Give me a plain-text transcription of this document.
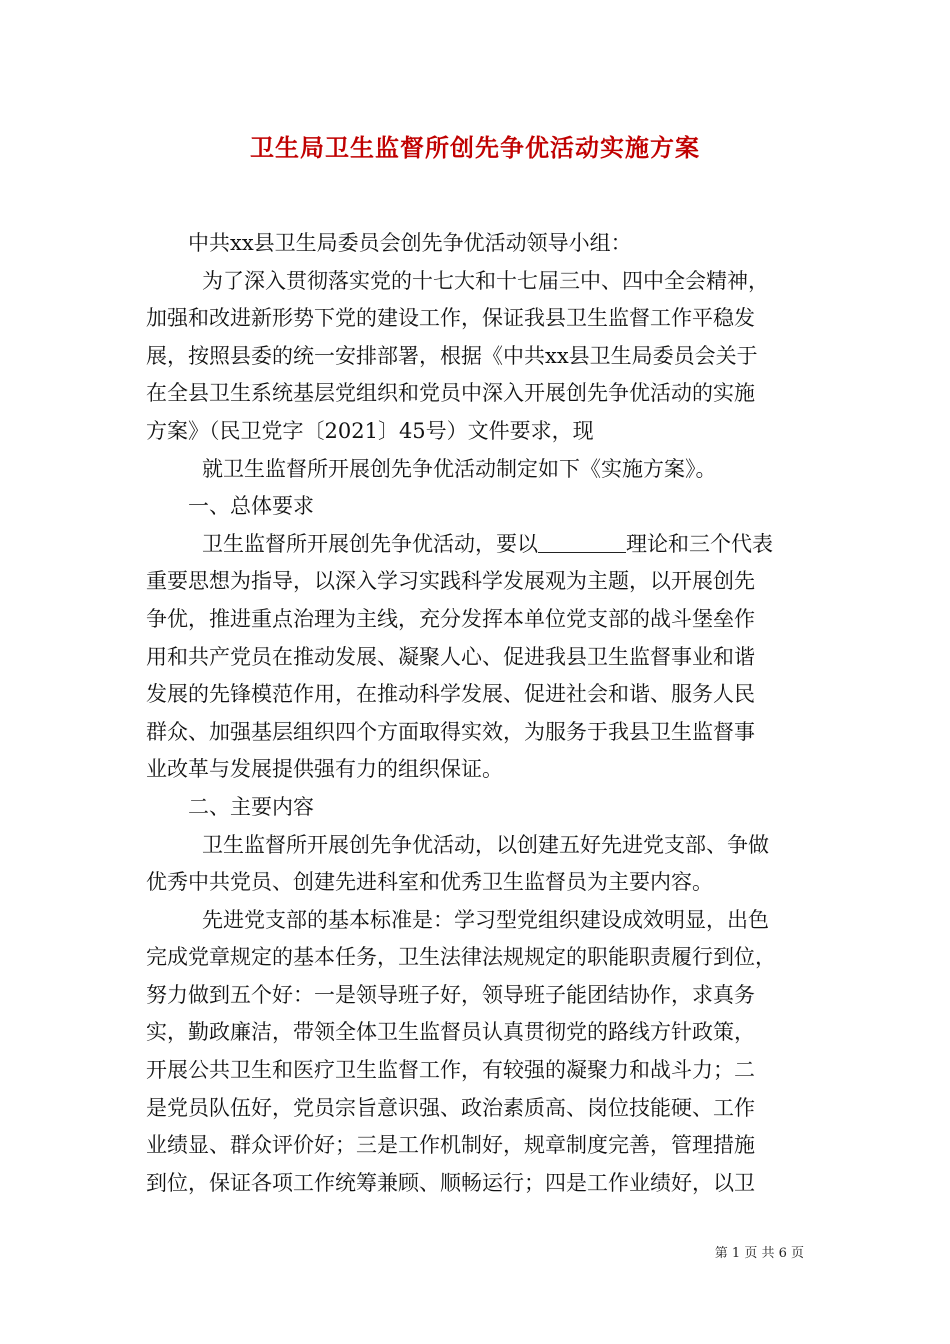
卫生局卫生监督所创先争优活动实施方案
中共xx县卫生局委员会创先争优活动领导小组：
为了深入贯彻落实党的十七大和十七届三中、四中全会精神，
加强和改进新形势下党的建设工作，保证我县卫生监督工作平稳发
展，按照县委的统一安排部署，根据《中共xx县卫生局委员会关于
在全县卫生系统基层党组织和党员中深入开展创先争优活动的实施
方案》（民卫党字〔2021〕45号）文件要求，现
就卫生监督所开展创先争优活动制定如下《实施方案》。
一、总体要求
卫生监督所开展创先争优活动，要以	理论和三个代表
重要思想为指导，以深入学习实践科学发展观为主题，以开展创先
争优，推进重点治理为主线，充分发挥本单位党支部的战斗堡垒作
用和共产党员在推动发展、凝聚人心、促进我县卫生监督事业和谐
发展的先锋模范作用，在推动科学发展、促进社会和谐、服务人民
群众、加强基层组织四个方面取得实效，为服务于我县卫生监督事
业改革与发展提供强有力的组织保证。
二、主要内容
卫生监督所开展创先争优活动，以创建五好先进党支部、争做
优秀中共党员、创建先进科室和优秀卫生监督员为主要内容。
先进党支部的基本标准是：学习型党组织建设成效明显，出色
完成党章规定的基本任务，卫生法律法规规定的职能职责履行到位，
努力做到五个好：一是领导班子好，领导班子能团结协作，求真务
实，勤政廉洁，带领全体卫生监督员认真贯彻党的路线方针政策，
开展公共卫生和医疗卫生监督工作，有较强的凝聚力和战斗力；二
是党员队伍好，党员宗旨意识强、政治素质高、岗位技能硬、工作
业绩显、群众评价好；三是工作机制好，规章制度完善，管理措施
到位，保证各项工作统筹兼顾、顺畅运行；四是工作业绩好，以卫
第 1 页 共 6 页
